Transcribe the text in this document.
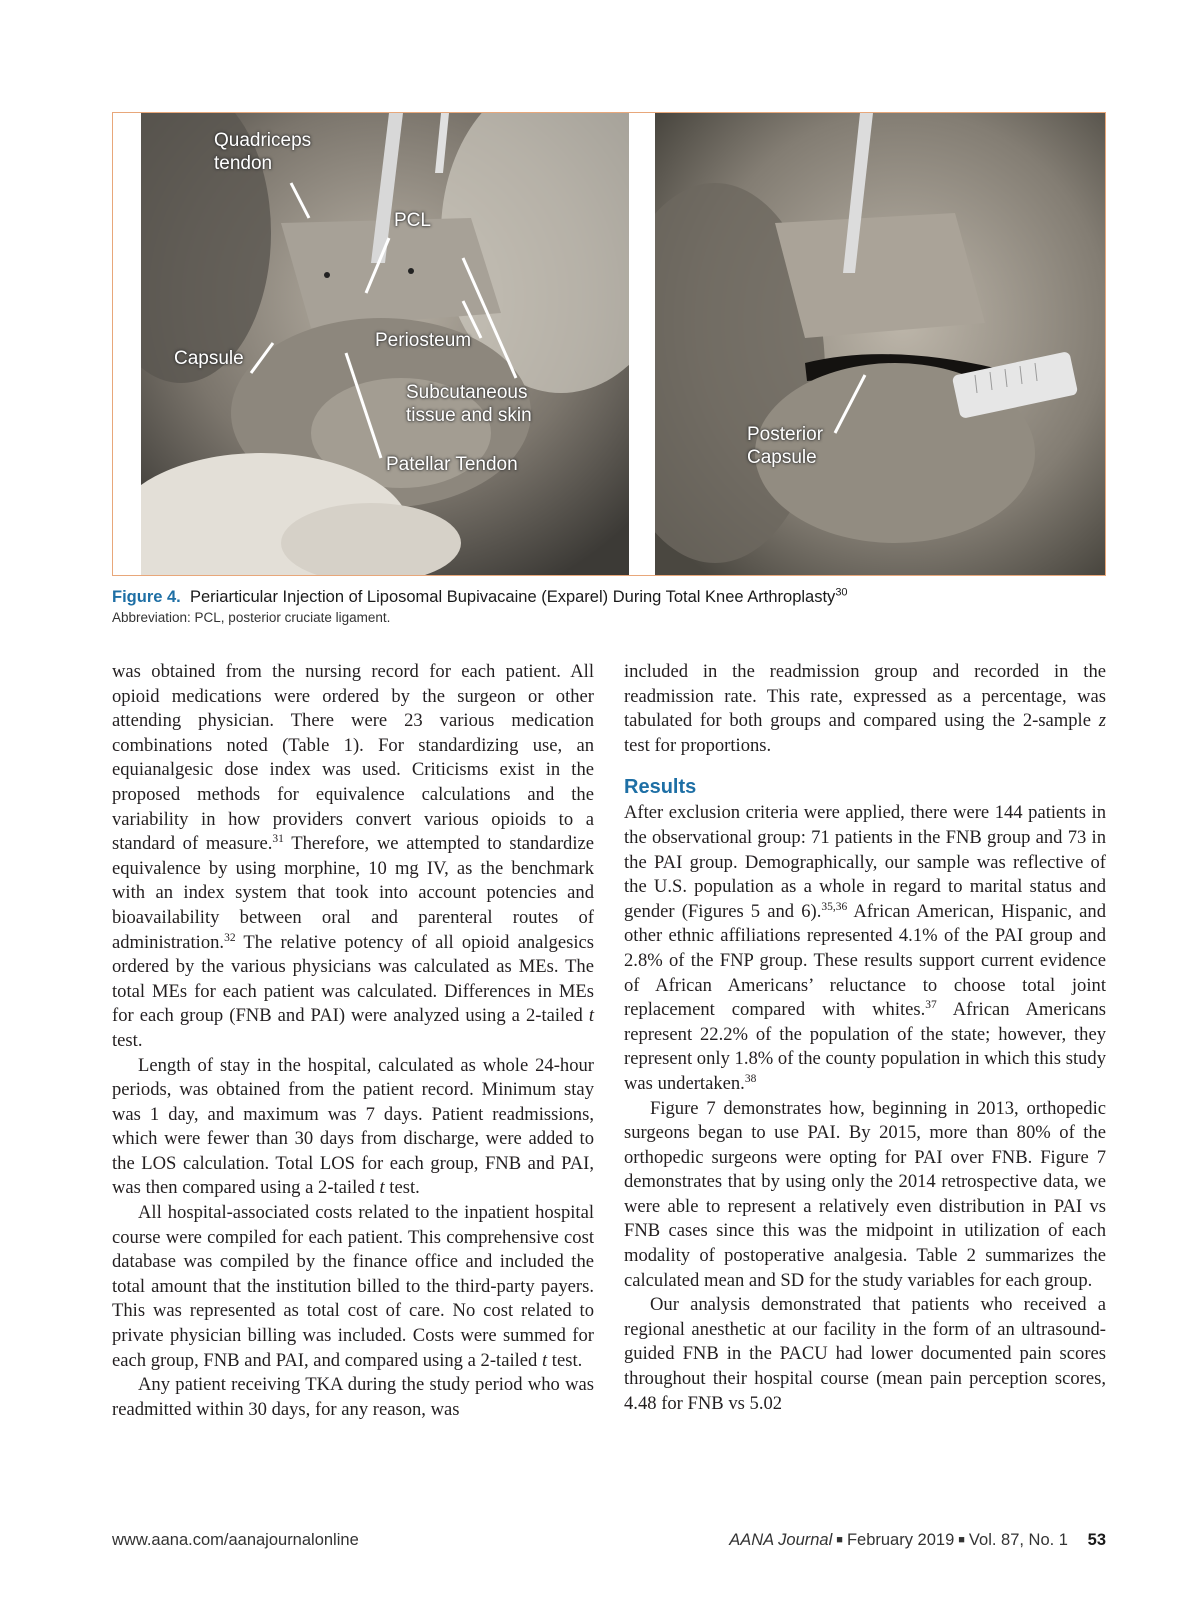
Quadriceps
tendon
PCL
Periosteum
Capsule
Subcutaneous
tissue and skin
Patellar Tendon
Posterior
Capsule
Figure 4. Periarticular Injection of Liposomal Bupivacaine (Exparel) During Total Knee Arthroplasty$^{30}$
Abbreviation: PCL, posterior cruciate ligament.

was obtained from the nursing record for each patient. All opioid medications were ordered by the surgeon or other attending physician. There were 23 various medication combinations noted (Table 1). For standardizing use, an equianalgesic dose index was used. Criticisms exist in the proposed methods for equivalence calculations and the variability in how providers convert various opioids to a standard of measure.$^{31}$ Therefore, we attempted to standardize equivalence by using morphine, 10 mg IV, as the benchmark with an index system that took into account potencies and bioavailability between oral and parenteral routes of administration.$^{32}$ The relative potency of all opioid analgesics ordered by the various physicians was calculated as MEs. The total MEs for each patient was calculated. Differences in MEs for each group (FNB and PAI) were analyzed using a 2-tailed t test.

Length of stay in the hospital, calculated as whole 24-hour periods, was obtained from the patient record. Minimum stay was 1 day, and maximum was 7 days. Patient readmissions, which were fewer than 30 days from discharge, were added to the LOS calculation. Total LOS for each group, FNB and PAI, was then compared using a 2-tailed t test.

All hospital-associated costs related to the inpatient hospital course were compiled for each patient. This comprehensive cost database was compiled by the finance office and included the total amount that the institution billed to the third-party payers. This was represented as total cost of care. No cost related to private physician billing was included. Costs were summed for each group, FNB and PAI, and compared using a 2-tailed t test.

Any patient receiving TKA during the study period who was readmitted within 30 days, for any reason, was

included in the readmission group and recorded in the readmission rate. This rate, expressed as a percentage, was tabulated for both groups and compared using the 2-sample z test for proportions.

Results

After exclusion criteria were applied, there were 144 patients in the observational group: 71 patients in the FNB group and 73 in the PAI group. Demographically, our sample was reflective of the U.S. population as a whole in regard to marital status and gender (Figures 5 and 6).$^{35,36}$ African American, Hispanic, and other ethnic affiliations represented 4.1% of the PAI group and 2.8% of the FNP group. These results support current evidence of African Americans’ reluctance to choose total joint replacement compared with whites.$^{37}$ African Americans represent 22.2% of the population of the state; however, they represent only 1.8% of the county population in which this study was undertaken.$^{38}$

Figure 7 demonstrates how, beginning in 2013, orthopedic surgeons began to use PAI. By 2015, more than 80% of the orthopedic surgeons were opting for PAI over FNB. Figure 7 demonstrates that by using only the 2014 retrospective data, we were able to represent a relatively even distribution in PAI vs FNB cases since this was the midpoint in utilization of each modality of postoperative analgesia. Table 2 summarizes the calculated mean and SD for the study variables for each group.

Our analysis demonstrated that patients who received a regional anesthetic at our facility in the form of an ultrasound-guided FNB in the PACU had lower documented pain scores throughout their hospital course (mean pain perception scores, 4.48 for FNB vs 5.02

www.aana.com/aanajournalonline	AANA Journal ■ February 2019 ■ Vol. 87, No. 1 53
